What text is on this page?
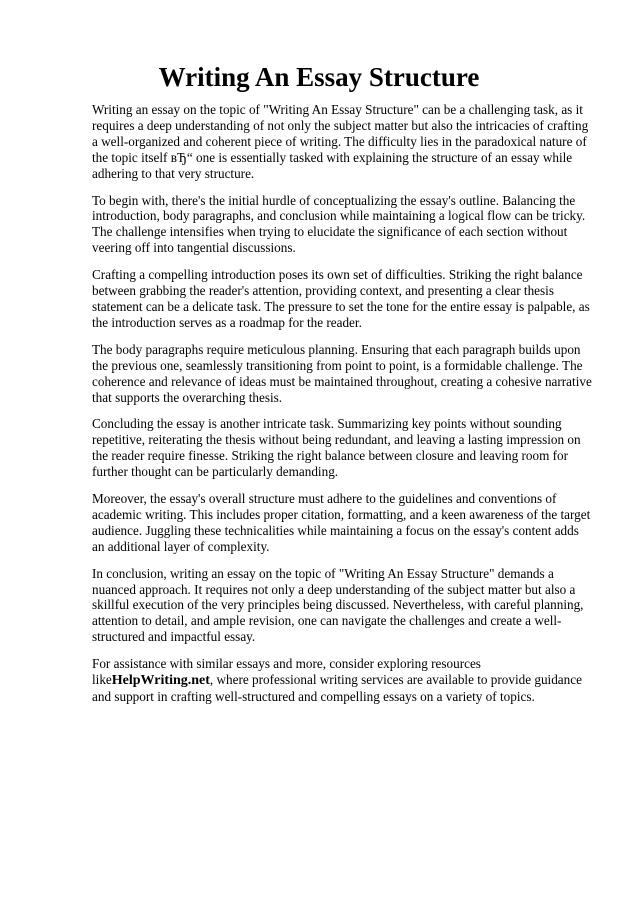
Writing An Essay Structure

Writing an essay on the topic of "Writing An Essay Structure" can be a challenging task, as it requires a deep understanding of not only the subject matter but also the intricacies of crafting a well-organized and coherent piece of writing. The difficulty lies in the paradoxical nature of the topic itself вЂ“ one is essentially tasked with explaining the structure of an essay while adhering to that very structure.

To begin with, there's the initial hurdle of conceptualizing the essay's outline. Balancing the introduction, body paragraphs, and conclusion while maintaining a logical flow can be tricky. The challenge intensifies when trying to elucidate the significance of each section without veering off into tangential discussions.

Crafting a compelling introduction poses its own set of difficulties. Striking the right balance between grabbing the reader's attention, providing context, and presenting a clear thesis statement can be a delicate task. The pressure to set the tone for the entire essay is palpable, as the introduction serves as a roadmap for the reader.

The body paragraphs require meticulous planning. Ensuring that each paragraph builds upon the previous one, seamlessly transitioning from point to point, is a formidable challenge. The coherence and relevance of ideas must be maintained throughout, creating a cohesive narrative that supports the overarching thesis.

Concluding the essay is another intricate task. Summarizing key points without sounding repetitive, reiterating the thesis without being redundant, and leaving a lasting impression on the reader require finesse. Striking the right balance between closure and leaving room for further thought can be particularly demanding.

Moreover, the essay's overall structure must adhere to the guidelines and conventions of academic writing. This includes proper citation, formatting, and a keen awareness of the target audience. Juggling these technicalities while maintaining a focus on the essay's content adds an additional layer of complexity.

In conclusion, writing an essay on the topic of "Writing An Essay Structure" demands a nuanced approach. It requires not only a deep understanding of the subject matter but also a skillful execution of the very principles being discussed. Nevertheless, with careful planning, attention to detail, and ample revision, one can navigate the challenges and create a well-structured and impactful essay.

For assistance with similar essays and more, consider exploring resources likeHelpWriting.net, where professional writing services are available to provide guidance and support in crafting well-structured and compelling essays on a variety of topics.
